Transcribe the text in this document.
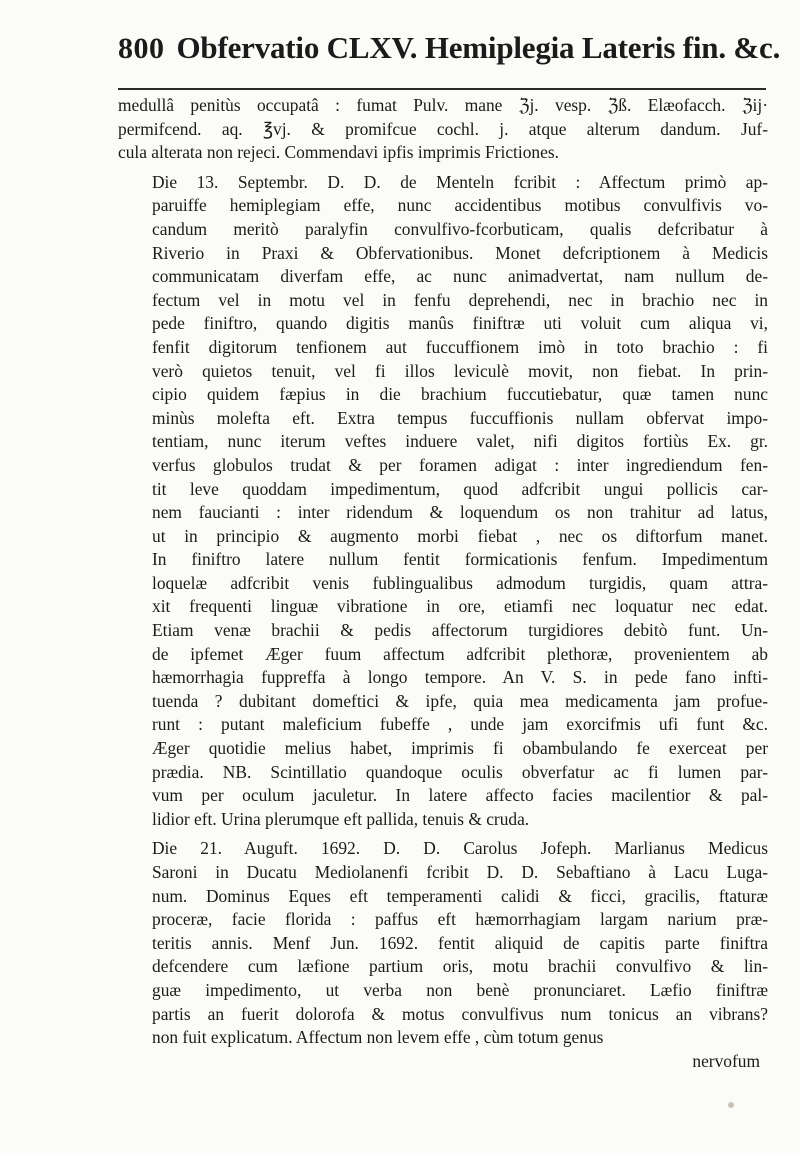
800 Obfervatio CLXV. Hemiplegia Lateris fin. &c.
medullâ penitùs occupatâ : fumat Pulv. mane ℨj. vesp. ℨß. Elæofacch. ℨij·
permifcend. aq. ℥vj. & promifcue cochl. j. atque alterum dandum. Juf-
cula alterata non rejeci. Commendavi ipfis imprimis Frictiones.
Die 13. Septembr. D. D. de Menteln fcribit : Affectum primò ap-
paruiffe hemiplegiam effe, nunc accidentibus motibus convulfivis vo-
candum meritò paralyfin convulfivo-fcorbuticam, qualis defcribatur à
Riverio in Praxi & Obfervationibus. Monet defcriptionem à Medicis
communicatam diverfam effe, ac nunc animadvertat, nam nullum de-
fectum vel in motu vel in fenfu deprehendi, nec in brachio nec in
pede finiftro, quando digitis manûs finiftræ uti voluit cum aliqua vi,
fenfit digitorum tenfionem aut fuccuffionem imò in toto brachio : fi
verò quietos tenuit, vel fi illos leviculè movit, non fiebat. In prin-
cipio quidem fæpius in die brachium fuccutiebatur, quæ tamen nunc
minùs molefta eft. Extra tempus fuccuffionis nullam obfervat impo-
tentiam, nunc iterum veftes induere valet, nifi digitos fortiùs Ex. gr.
verfus globulos trudat & per foramen adigat : inter ingrediendum fen-
tit leve quoddam impedimentum, quod adfcribit ungui pollicis car-
nem faucianti : inter ridendum & loquendum os non trahitur ad latus,
ut in principio & augmento morbi fiebat , nec os diftorfum manet.
In finiftro latere nullum fentit formicationis fenfum. Impedimentum
loquelæ adfcribit venis fublingualibus admodum turgidis, quam attra-
xit frequenti linguæ vibratione in ore, etiamfi nec loquatur nec edat.
Etiam venæ brachii & pedis affectorum turgidiores debitò funt. Un-
de ipfemet Æger fuum affectum adfcribit plethoræ, provenientem ab
hæmorrhagia fuppreffa à longo tempore. An V. S. in pede fano infti-
tuenda ? dubitant domeftici & ipfe, quia mea medicamenta jam profue-
runt : putant maleficium fubeffe , unde jam exorcifmis ufi funt &c.
Æger quotidie melius habet, imprimis fi obambulando fe exerceat per
prædia. NB. Scintillatio quandoque oculis obverfatur ac fi lumen par-
vum per oculum jaculetur. In latere affecto facies macilentior & pal-
lidior eft. Urina plerumque eft pallida, tenuis & cruda.
Die 21. Auguft. 1692. D. D. Carolus Jofeph. Marlianus Medicus
Saroni in Ducatu Mediolanenfi fcribit D. D. Sebaftiano à Lacu Luga-
num. Dominus Eques eft temperamenti calidi & ficci, gracilis, ftaturæ
proceræ, facie florida : paffus eft hæmorrhagiam largam narium præ-
teritis annis. Menf Jun. 1692. fentit aliquid de capitis parte finiftra
defcendere cum læfione partium oris, motu brachii convulfivo & lin-
guæ impedimento, ut verba non benè pronunciaret. Læfio finiftræ
partis an fuerit dolorofa & motus convulfivus num tonicus an vibrans?
non fuit explicatum. Affectum non levem effe , cùm totum genus
nervofum
